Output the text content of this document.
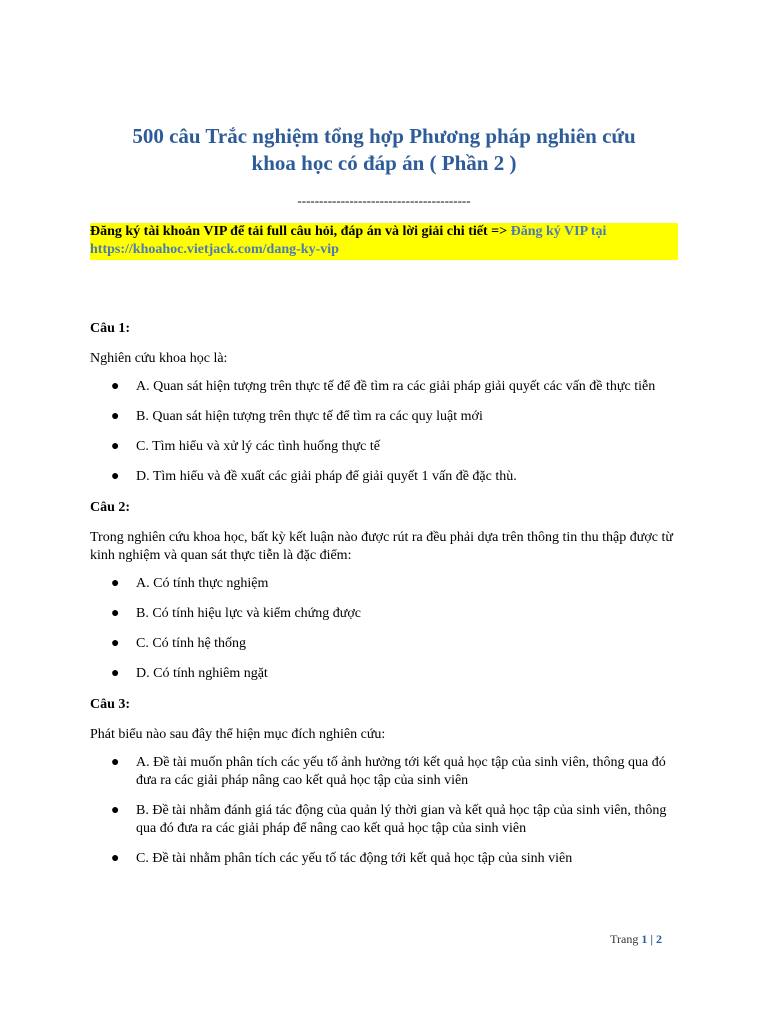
500 câu Trắc nghiệm tổng hợp Phương pháp nghiên cứu
khoa học có đáp án ( Phần 2 )
----------------------------------------
Đăng ký tài khoản VIP để tải full câu hỏi, đáp án và lời giải chi tiết => Đăng ký VIP tại https://khoahoc.vietjack.com/dang-ky-vip
Câu 1:
Nghiên cứu khoa học là:
● A. Quan sát hiện tượng trên thực tế để đề tìm ra các giải pháp giải quyết các vấn đề thực tiễn
● B. Quan sát hiện tượng trên thực tế để tìm ra các quy luật mới
● C. Tìm hiểu và xử lý các tình huống thực tế
● D. Tìm hiểu và đề xuất các giải pháp để giải quyết 1 vấn đề đặc thù.
Câu 2:
Trong nghiên cứu khoa học, bất kỳ kết luận nào được rút ra đều phải dựa trên thông tin thu thập được từ kinh nghiệm và quan sát thực tiễn là đặc điểm:
● A. Có tính thực nghiệm
● B. Có tính hiệu lực và kiểm chứng được
● C. Có tính hệ thống
● D. Có tính nghiêm ngặt
Câu 3:
Phát biểu nào sau đây thể hiện mục đích nghiên cứu:
● A. Đề tài muốn phân tích các yếu tố ảnh hưởng tới kết quả học tập của sinh viên, thông qua đó đưa ra các giải pháp nâng cao kết quả học tập của sinh viên
● B. Đề tài nhằm đánh giá tác động của quản lý thời gian và kết quả học tập của sinh viên, thông qua đó đưa ra các giải pháp để nâng cao kết quả học tập của sinh viên
● C. Đề tài nhằm phân tích các yếu tố tác động tới kết quả học tập của sinh viên
Trang 1 | 2
